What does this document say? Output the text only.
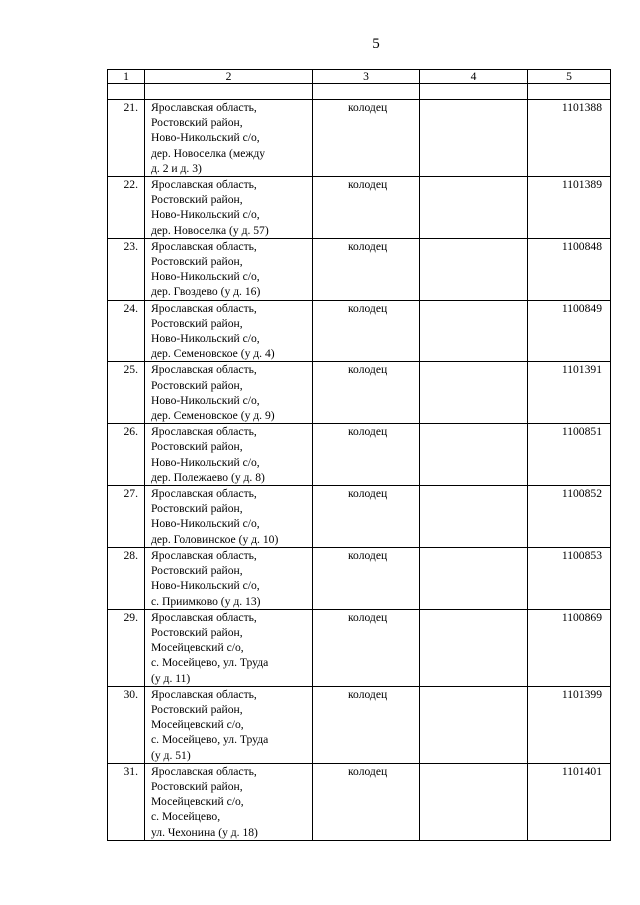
5
1	2	3	4	5

21.	Ярославская область,
Ростовский район,
Ново-Никольский с/о,
дер. Новоселка (между
д. 2 и д. 3)	колодец		1101388
22.	Ярославская область,
Ростовский район,
Ново-Никольский с/о,
дер. Новоселка (у д. 57)	колодец		1101389
23.	Ярославская область,
Ростовский район,
Ново-Никольский с/о,
дер. Гвоздево (у д. 16)	колодец		1100848
24.	Ярославская область,
Ростовский район,
Ново-Никольский с/о,
дер. Семеновское (у д. 4)	колодец		1100849
25.	Ярославская область,
Ростовский район,
Ново-Никольский с/о,
дер. Семеновское (у д. 9)	колодец		1101391
26.	Ярославская область,
Ростовский район,
Ново-Никольский с/о,
дер. Полежаево (у д. 8)	колодец		1100851
27.	Ярославская область,
Ростовский район,
Ново-Никольский с/о,
дер. Головинское (у д. 10)	колодец		1100852
28.	Ярославская область,
Ростовский район,
Ново-Никольский с/о,
с. Приимково (у д. 13)	колодец		1100853
29.	Ярославская область,
Ростовский район,
Мосейцевский с/о,
с. Мосейцево, ул. Труда
(у д. 11)	колодец		1100869
30.	Ярославская область,
Ростовский район,
Мосейцевский с/о,
с. Мосейцево, ул. Труда
(у д. 51)	колодец		1101399
31.	Ярославская область,
Ростовский район,
Мосейцевский с/о,
с. Мосейцево,
ул. Чехонина (у д. 18)	колодец		1101401
